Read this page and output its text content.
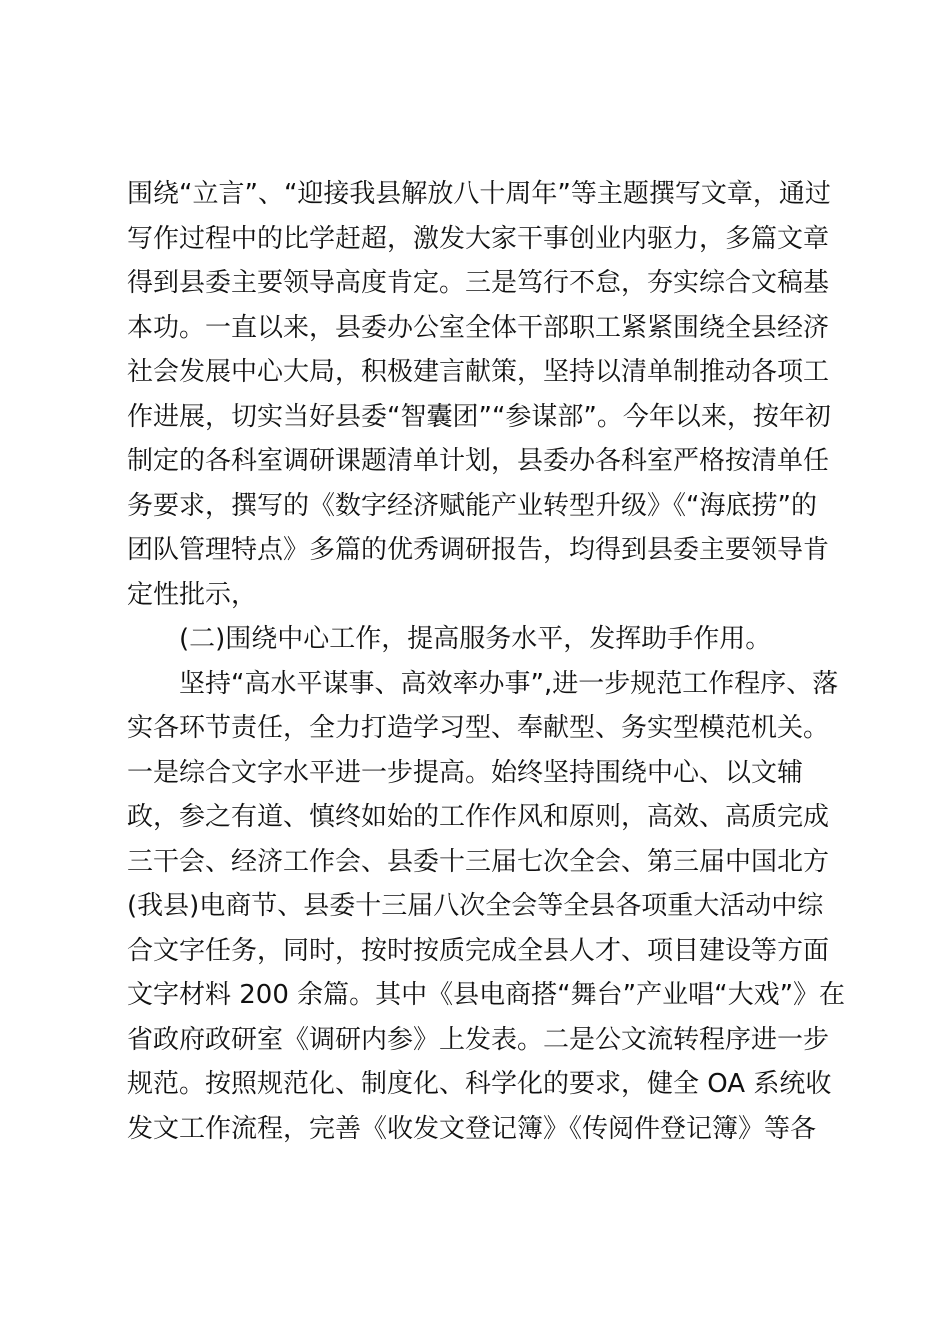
围绕“立言”、“迎接我县解放八十周年”等主题撰写文章，通过
写作过程中的比学赶超，激发大家干事创业内驱力，多篇文章
得到县委主要领导高度肯定。三是笃行不怠，夯实综合文稿基
本功。一直以来，县委办公室全体干部职工紧紧围绕全县经济
社会发展中心大局，积极建言献策，坚持以清单制推动各项工
作进展，切实当好县委“智囊团”“参谋部”。今年以来，按年初
制定的各科室调研课题清单计划，县委办各科室严格按清单任
务要求，撰写的《数字经济赋能产业转型升级》《“海底捞”的
团队管理特点》多篇的优秀调研报告，均得到县委主要领导肯
定性批示，
(二)围绕中心工作，提高服务水平，发挥助手作用。
坚持“高水平谋事、高效率办事”,进一步规范工作程序、落
实各环节责任，全力打造学习型、奉献型、务实型模范机关。
一是综合文字水平进一步提高。始终坚持围绕中心、以文辅
政，参之有道、慎终如始的工作作风和原则，高效、高质完成
三干会、经济工作会、县委十三届七次全会、第三届中国北方
(我县)电商节、县委十三届八次全会等全县各项重大活动中综
合文字任务，同时，按时按质完成全县人才、项目建设等方面
文字材料 200 余篇。其中《县电商搭“舞台”产业唱“大戏”》在
省政府政研室《调研内参》上发表。二是公文流转程序进一步
规范。按照规范化、制度化、科学化的要求，健全 OA 系统收
发文工作流程，完善《收发文登记簿》《传阅件登记簿》等各
